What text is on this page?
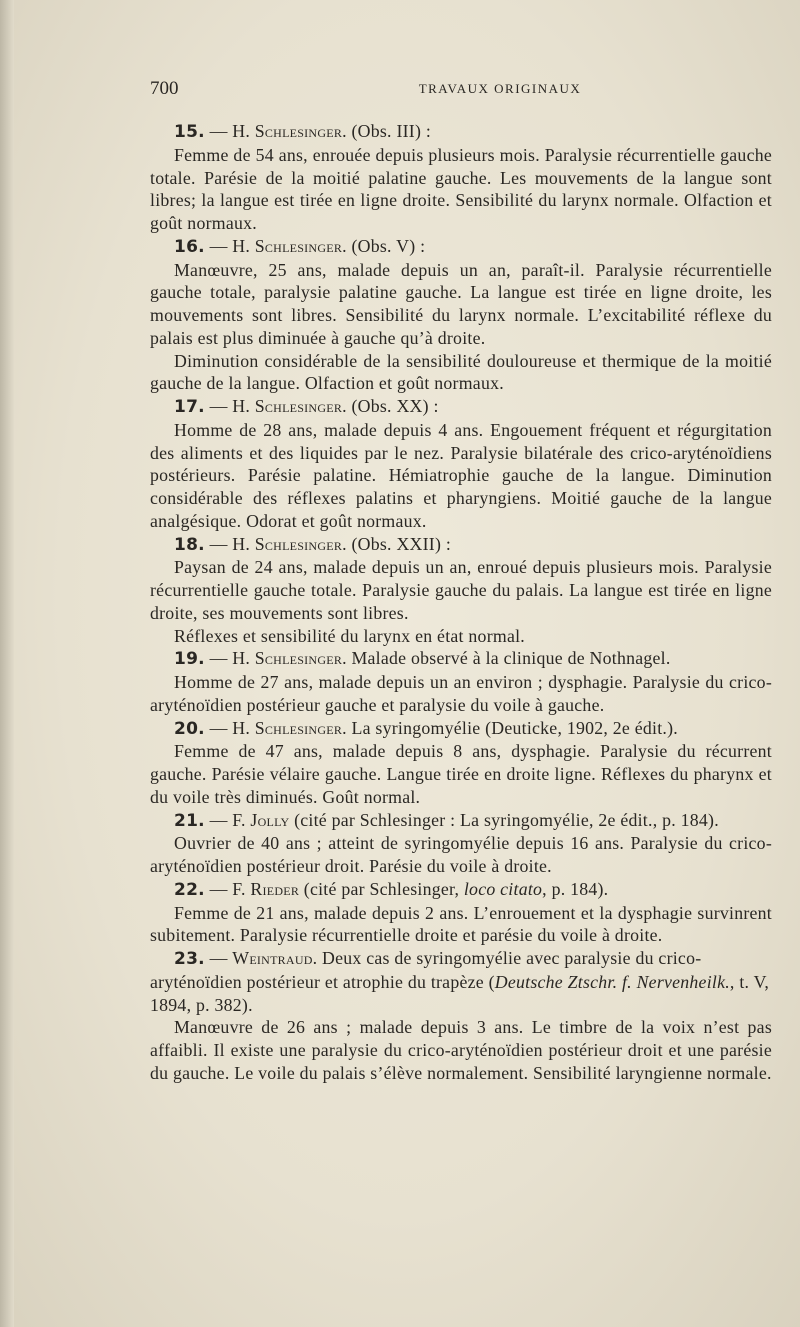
700	TRAVAUX ORIGINAUX

15. — H. Schlesinger. (Obs. III) :

Femme de 54 ans, enrouée depuis plusieurs mois. Paralysie récurrentielle gauche totale. Parésie de la moitié palatine gauche. Les mouvements de la langue sont libres; la langue est tirée en ligne droite. Sensibilité du larynx normale. Olfaction et goût normaux.

16. — H. Schlesinger. (Obs. V) :

Manœuvre, 25 ans, malade depuis un an, paraît-il. Paralysie récurrentielle gauche totale, paralysie palatine gauche. La langue est tirée en ligne droite, les mouvements sont libres. Sensibilité du larynx normale. L’excitabilité réflexe du palais est plus diminuée à gauche qu’à droite.

Diminution considérable de la sensibilité douloureuse et thermique de la moitié gauche de la langue. Olfaction et goût normaux.

17. — H. Schlesinger. (Obs. XX) :

Homme de 28 ans, malade depuis 4 ans. Engouement fréquent et régurgitation des aliments et des liquides par le nez. Paralysie bilatérale des crico-aryténoïdiens postérieurs. Parésie palatine. Hémiatrophie gauche de la langue. Diminution considérable des réflexes palatins et pharyngiens. Moitié gauche de la langue analgésique. Odorat et goût normaux.

18. — H. Schlesinger. (Obs. XXII) :

Paysan de 24 ans, malade depuis un an, enroué depuis plusieurs mois. Paralysie récurrentielle gauche totale. Paralysie gauche du palais. La langue est tirée en ligne droite, ses mouvements sont libres.

Réflexes et sensibilité du larynx en état normal.

19. — H. Schlesinger. Malade observé à la clinique de Nothnagel.

Homme de 27 ans, malade depuis un an environ ; dysphagie. Paralysie du crico-aryténoïdien postérieur gauche et paralysie du voile à gauche.

20. — H. Schlesinger. La syringomyélie (Deuticke, 1902, 2e édit.).

Femme de 47 ans, malade depuis 8 ans, dysphagie. Paralysie du récurrent gauche. Parésie vélaire gauche. Langue tirée en droite ligne. Réflexes du pharynx et du voile très diminués. Goût normal.

21. — F. Jolly (cité par Schlesinger : La syringomyélie, 2e édit., p. 184).

Ouvrier de 40 ans ; atteint de syringomyélie depuis 16 ans. Paralysie du crico-aryténoïdien postérieur droit. Parésie du voile à droite.

22. — F. Rieder (cité par Schlesinger, loco citato, p. 184).

Femme de 21 ans, malade depuis 2 ans. L’enrouement et la dysphagie survinrent subitement. Paralysie récurrentielle droite et parésie du voile à droite.

23. — Weintraud. Deux cas de syringomyélie avec paralysie du crico-aryténoïdien postérieur et atrophie du trapèze (Deutsche Ztschr. f. Nervenheilk., t. V, 1894, p. 382).

Manœuvre de 26 ans ; malade depuis 3 ans. Le timbre de la voix n’est pas affaibli. Il existe une paralysie du crico-aryténoïdien postérieur droit et une parésie du gauche. Le voile du palais s’élève normalement. Sensibilité laryngienne normale.
